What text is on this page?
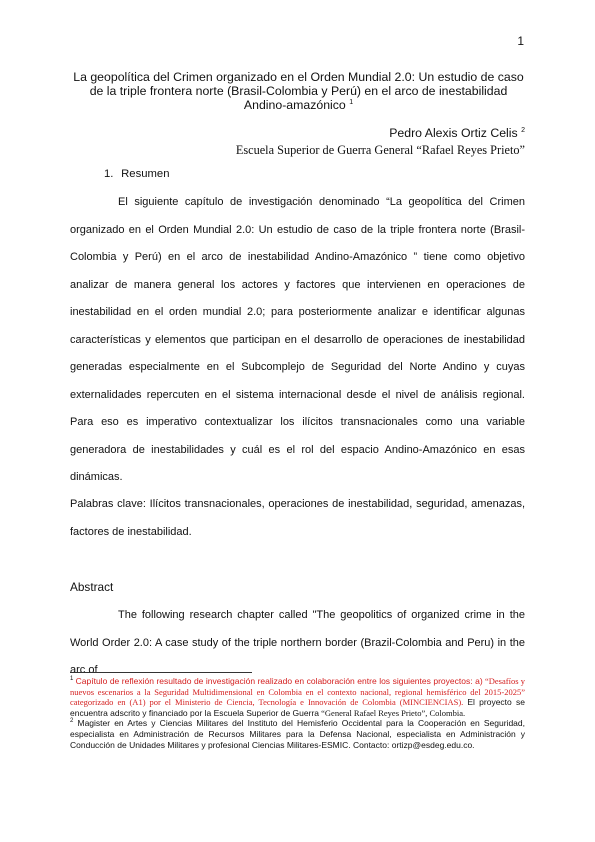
1
La geopolítica del Crimen organizado en el Orden Mundial 2.0: Un estudio de caso de la triple frontera norte (Brasil-Colombia y Perú) en el arco de inestabilidad Andino-amazónico $^1$
Pedro Alexis Ortiz Celis $^2$
Escuela Superior de Guerra General “Rafael Reyes Prieto”
1. Resumen

El siguiente capítulo de investigación denominado “La geopolítica del Crimen organizado en el Orden Mundial 2.0: Un estudio de caso de la triple frontera norte (Brasil-Colombia y Perú) en el arco de inestabilidad Andino-Amazónico ” tiene como objetivo analizar de manera general los actores y factores que intervienen en operaciones de inestabilidad en el orden mundial 2.0; para posteriormente analizar e identificar algunas características y elementos que participan en el desarrollo de operaciones de inestabilidad generadas especialmente en el Subcomplejo de Seguridad del Norte Andino y cuyas externalidades repercuten en el sistema internacional desde el nivel de análisis regional. Para eso es imperativo contextualizar los ilícitos transnacionales como una variable generadora de inestabilidades y cuál es el rol del espacio Andino-Amazónico en esas dinámicas.

Palabras clave: Ilícitos transnacionales, operaciones de inestabilidad, seguridad, amenazas, factores de inestabilidad.

Abstract

The following research chapter called "The geopolitics of organized crime in the World Order 2.0: A case study of the triple northern border (Brazil-Colombia and Peru) in the arc of

$^1$ Capítulo de reflexión resultado de investigación realizado en colaboración entre los siguientes proyectos: a) “Desafíos y nuevos escenarios a la Seguridad Multidimensional en Colombia en el contexto nacional, regional hemisférico del 2015-2025” categorizado en (A1) por el Ministerio de Ciencia, Tecnología e Innovación de Colombia (MINCIENCIAS). El proyecto se encuentra adscrito y financiado por la Escuela Superior de Guerra “General Rafael Reyes Prieto”, Colombia.

$^2$ Magister en Artes y Ciencias Militares del Instituto del Hemisferio Occidental para la Cooperación en Seguridad, especialista en Administración de Recursos Militares para la Defensa Nacional, especialista en Administración y Conducción de Unidades Militares y profesional Ciencias Militares-ESMIC. Contacto: ortizp@esdeg.edu.co.
